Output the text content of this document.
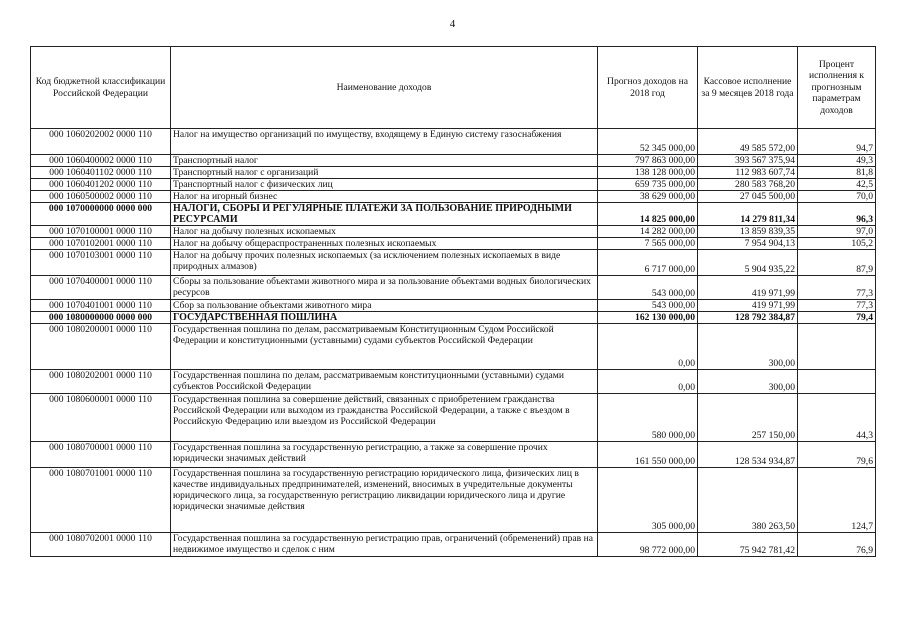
4
Код бюджетной классификации Российской Федерации	Наименование доходов	Прогноз доходов на 2018 год	Кассовое исполнение за 9 месяцев 2018 года	Процент исполнения к прогнозным параметрам доходов
000 1060202002 0000 110	Налог на имущество организаций по имуществу, входящему в Единую систему газоснабжения	52 345 000,00	49 585 572,00	94,7
000 1060400002 0000 110	Транспортный налог	797 863 000,00	393 567 375,94	49,3
000 1060401102 0000 110	Транспортный налог с организаций	138 128 000,00	112 983 607,74	81,8
000 1060401202 0000 110	Транспортный налог с физических лиц	659 735 000,00	280 583 768,20	42,5
000 1060500002 0000 110	Налог на игорный бизнес	38 629 000,00	27 045 500,00	70,0
000 1070000000 0000 000	НАЛОГИ, СБОРЫ И РЕГУЛЯРНЫЕ ПЛАТЕЖИ ЗА ПОЛЬЗОВАНИЕ ПРИРОДНЫМИ РЕСУРСАМИ	14 825 000,00	14 279 811,34	96,3
000 1070100001 0000 110	Налог на добычу полезных ископаемых	14 282 000,00	13 859 839,35	97,0
000 1070102001 0000 110	Налог на добычу общераспространенных полезных ископаемых	7 565 000,00	7 954 904,13	105,2
000 1070103001 0000 110	Налог на добычу прочих полезных ископаемых (за исключением полезных ископаемых в виде природных алмазов)	6 717 000,00	5 904 935,22	87,9
000 1070400001 0000 110	Сборы за пользование объектами животного мира и за пользование объектами водных биологических ресурсов	543 000,00	419 971,99	77,3
000 1070401001 0000 110	Сбор за пользование объектами животного мира	543 000,00	419 971,99	77,3
000 1080000000 0000 000	ГОСУДАРСТВЕННАЯ ПОШЛИНА	162 130 000,00	128 792 384,87	79,4
000 1080200001 0000 110	Государственная пошлина по делам, рассматриваемым Конституционным Судом Российской Федерации и конституционными (уставными) судами субъектов Российской Федерации	0,00	300,00	
000 1080202001 0000 110	Государственная пошлина по делам, рассматриваемым конституционными (уставными) судами субъектов Российской Федерации	0,00	300,00	
000 1080600001 0000 110	Государственная пошлина за совершение действий, связанных с приобретением гражданства Российской Федерации или выходом из гражданства Российской Федерации, а также с въездом в Российскую Федерацию или выездом из Российской Федерации	580 000,00	257 150,00	44,3
000 1080700001 0000 110	Государственная пошлина за государственную регистрацию, а также за совершение прочих юридически значимых действий	161 550 000,00	128 534 934,87	79,6
000 1080701001 0000 110	Государственная пошлина за государственную регистрацию юридического лица, физических лиц в качестве индивидуальных предпринимателей, изменений, вносимых в учредительные документы юридического лица, за государственную регистрацию ликвидации юридического лица и другие юридически значимые действия	305 000,00	380 263,50	124,7
000 1080702001 0000 110	Государственная пошлина за государственную регистрацию прав, ограничений (обременений) прав на недвижимое имущество и сделок с ним	98 772 000,00	75 942 781,42	76,9
